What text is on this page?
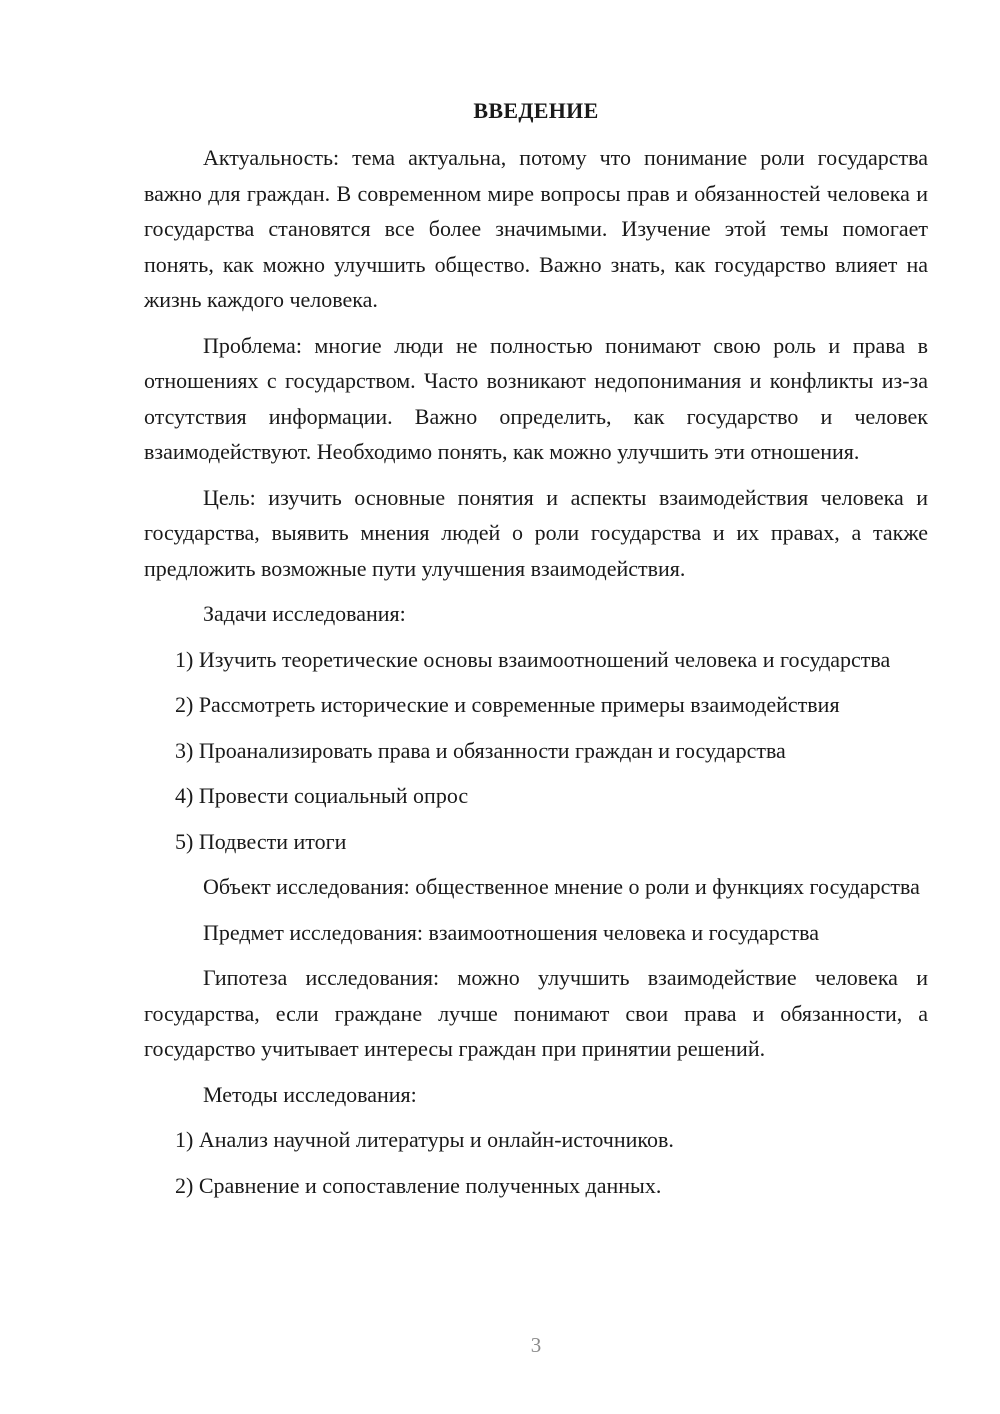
ВВЕДЕНИЕ

Актуальность: тема актуальна, потому что понимание роли государства важно для граждан. В современном мире вопросы прав и обязанностей человека и государства становятся все более значимыми. Изучение этой темы помогает понять, как можно улучшить общество. Важно знать, как государство влияет на жизнь каждого человека.

Проблема: многие люди не полностью понимают свою роль и права в отношениях с государством. Часто возникают недопонимания и конфликты из-за отсутствия информации. Важно определить, как государство и человек взаимодействуют. Необходимо понять, как можно улучшить эти отношения.

Цель: изучить основные понятия и аспекты взаимодействия человека и государства, выявить мнения людей о роли государства и их правах, а также предложить возможные пути улучшения взаимодействия.

Задачи исследования:

1) Изучить теоретические основы взаимоотношений человека и государства

2) Рассмотреть исторические и современные примеры взаимодействия

3) Проанализировать права и обязанности граждан и государства

4) Провести социальный опрос

5) Подвести итоги

Объект исследования: общественное мнение о роли и функциях государства

Предмет исследования: взаимоотношения человека и государства

Гипотеза исследования: можно улучшить взаимодействие человека и государства, если граждане лучше понимают свои права и обязанности, а государство учитывает интересы граждан при принятии решений.

Методы исследования:

1) Анализ научной литературы и онлайн-источников.

2) Сравнение и сопоставление полученных данных.

3
